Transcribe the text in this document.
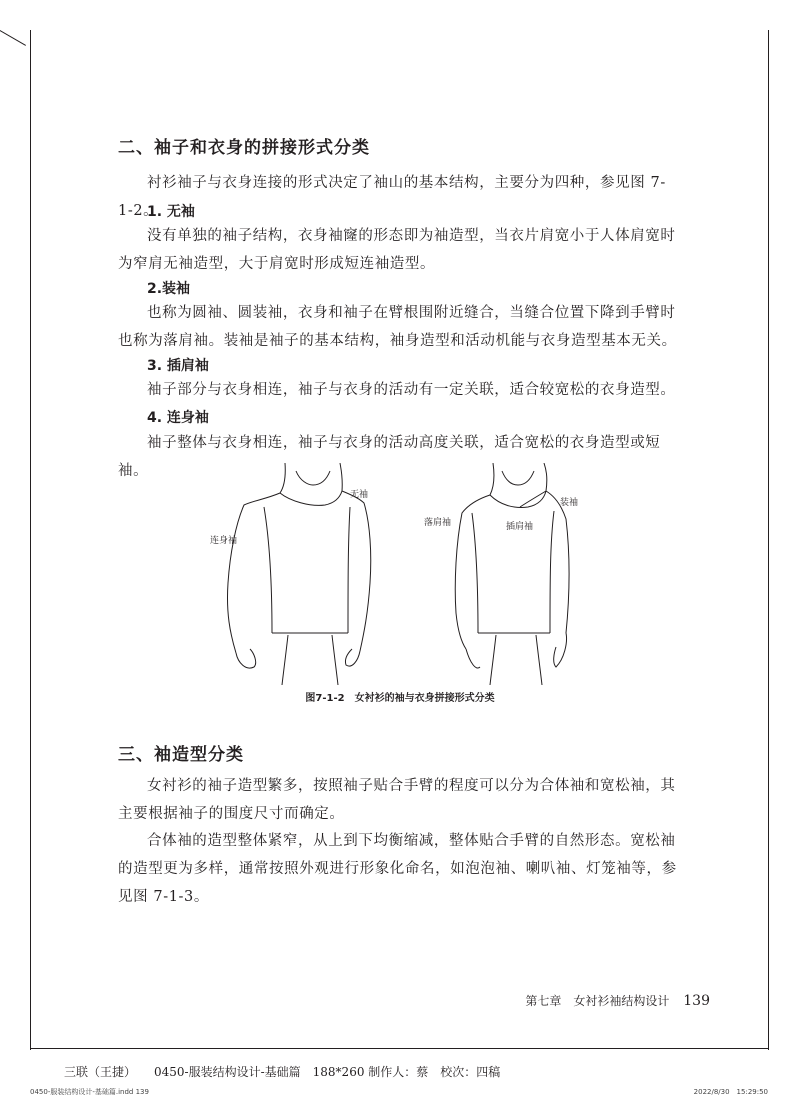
二、袖子和衣身的拼接形式分类

衬衫袖子与衣身连接的形式决定了袖山的基本结构，主要分为四种，参见图 7-1-2。

1. 无袖

没有单独的袖子结构，衣身袖窿的形态即为袖造型，当衣片肩宽小于人体肩宽时为窄肩无袖造型，大于肩宽时形成短连袖造型。

2.装袖

也称为圆袖、圆装袖，衣身和袖子在臂根围附近缝合，当缝合位置下降到手臂时也称为落肩袖。装袖是袖子的基本结构，袖身造型和活动机能与衣身造型基本无关。

3. 插肩袖

袖子部分与衣身相连，袖子与衣身的活动有一定关联，适合较宽松的衣身造型。

4. 连身袖

袖子整体与衣身相连，袖子与衣身的活动高度关联，适合宽松的衣身造型或短袖。

无袖
连身袖
装袖
落肩袖	插肩袖
图7-1-2　女衬衫的袖与衣身拼接形式分类
三、袖造型分类

女衬衫的袖子造型繁多，按照袖子贴合手臂的程度可以分为合体袖和宽松袖，其主要根据袖子的围度尺寸而确定。

合体袖的造型整体紧窄，从上到下均衡缩减，整体贴合手臂的自然形态。宽松袖的造型更为多样，通常按照外观进行形象化命名，如泡泡袖、喇叭袖、灯笼袖等，参见图 7-1-3。

第七章　女衬衫袖结构设计 139
三联（王捷）　　0450-服装结构设计-基础篇　188*260 制作人：蔡　校次：四稿
0450-服装结构设计-基础篇.indd 139	2022/8/30　15:29:50
